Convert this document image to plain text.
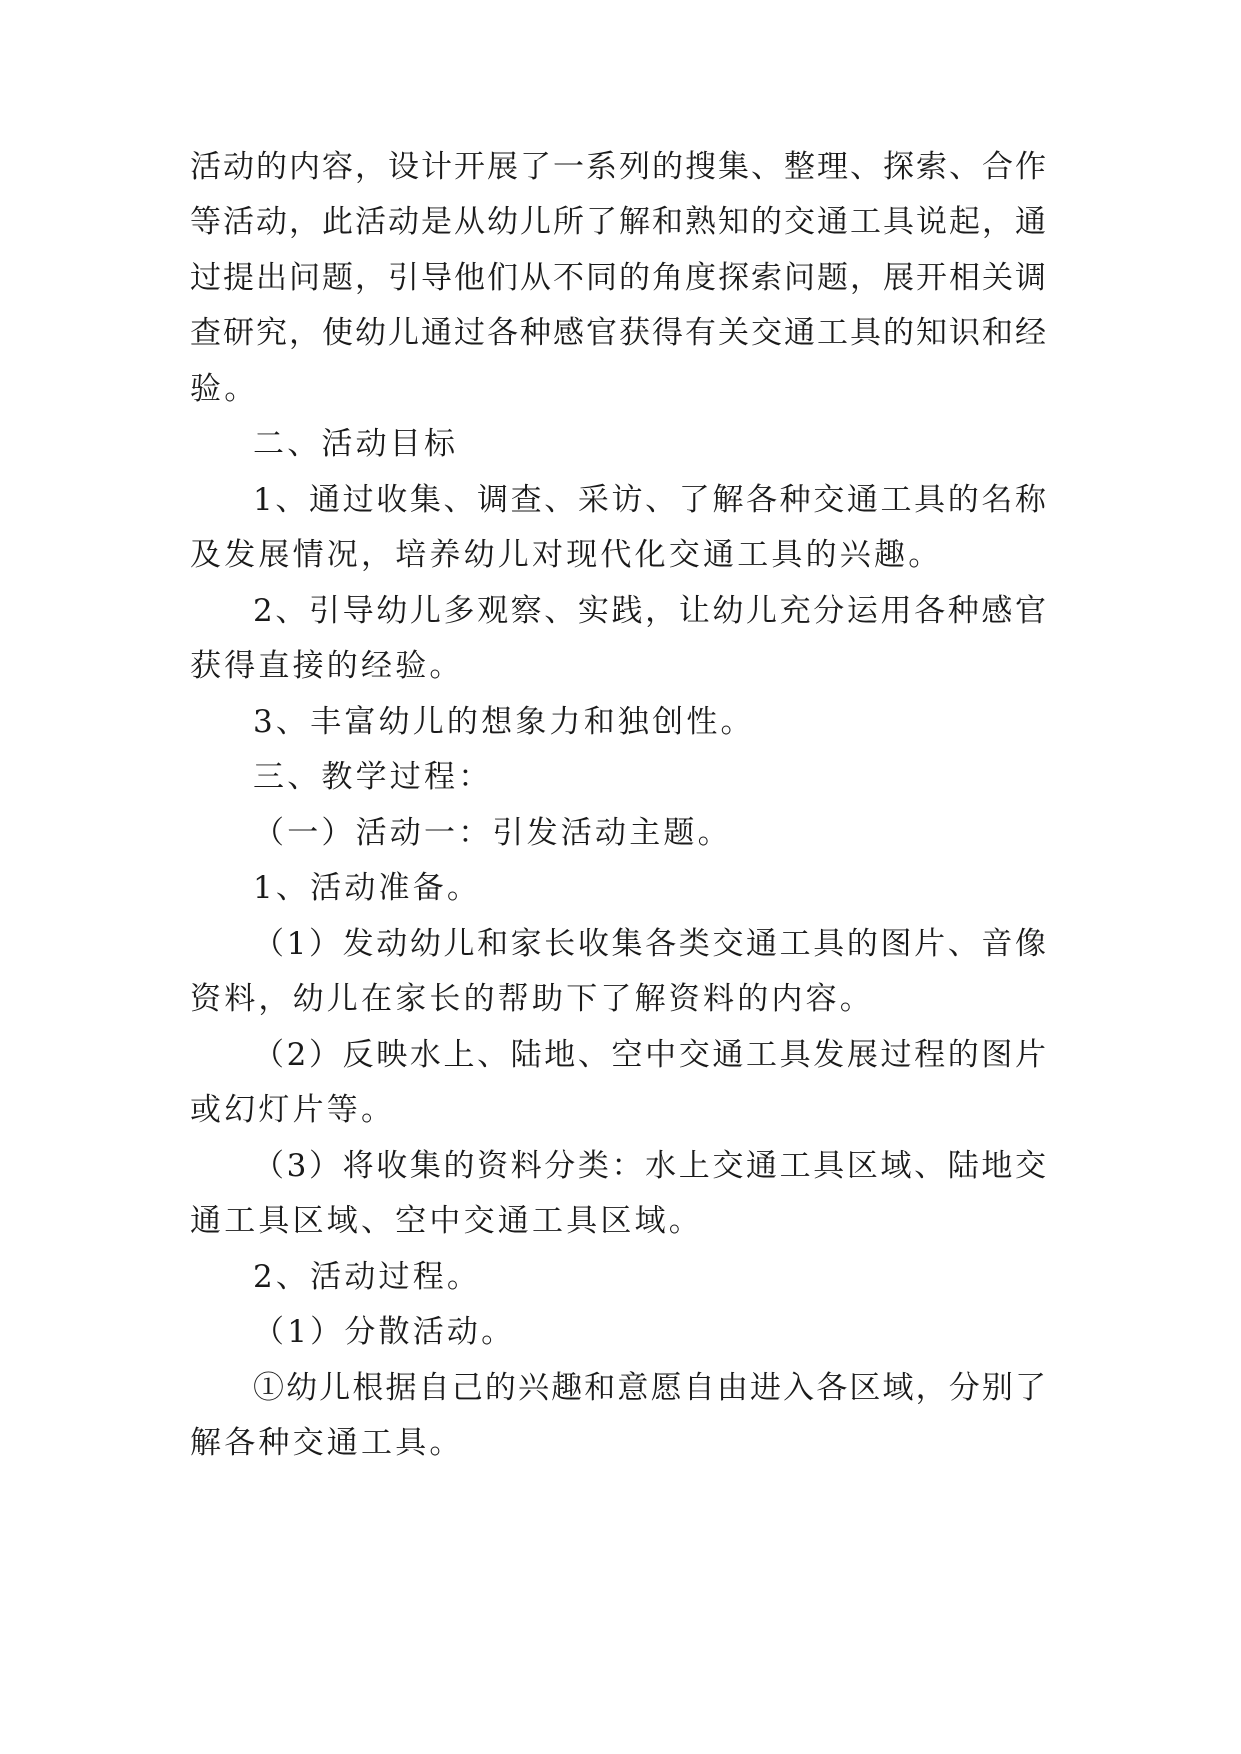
活动的内容，设计开展了一系列的搜集、整理、探索、合作
等活动，此活动是从幼儿所了解和熟知的交通工具说起，通
过提出问题，引导他们从不同的角度探索问题，展开相关调
查研究，使幼儿通过各种感官获得有关交通工具的知识和经
验。
二、活动目标
1、通过收集、调查、采访、了解各种交通工具的名称
及发展情况，培养幼儿对现代化交通工具的兴趣。
2、引导幼儿多观察、实践，让幼儿充分运用各种感官
获得直接的经验。
3、丰富幼儿的想象力和独创性。
三、教学过程：
（一）活动一：引发活动主题。
1、活动准备。
（1）发动幼儿和家长收集各类交通工具的图片、音像
资料，幼儿在家长的帮助下了解资料的内容。
（2）反映水上、陆地、空中交通工具发展过程的图片
或幻灯片等。
（3）将收集的资料分类：水上交通工具区域、陆地交
通工具区域、空中交通工具区域。
2、活动过程。
（1）分散活动。
①幼儿根据自己的兴趣和意愿自由进入各区域，分别了
解各种交通工具。
